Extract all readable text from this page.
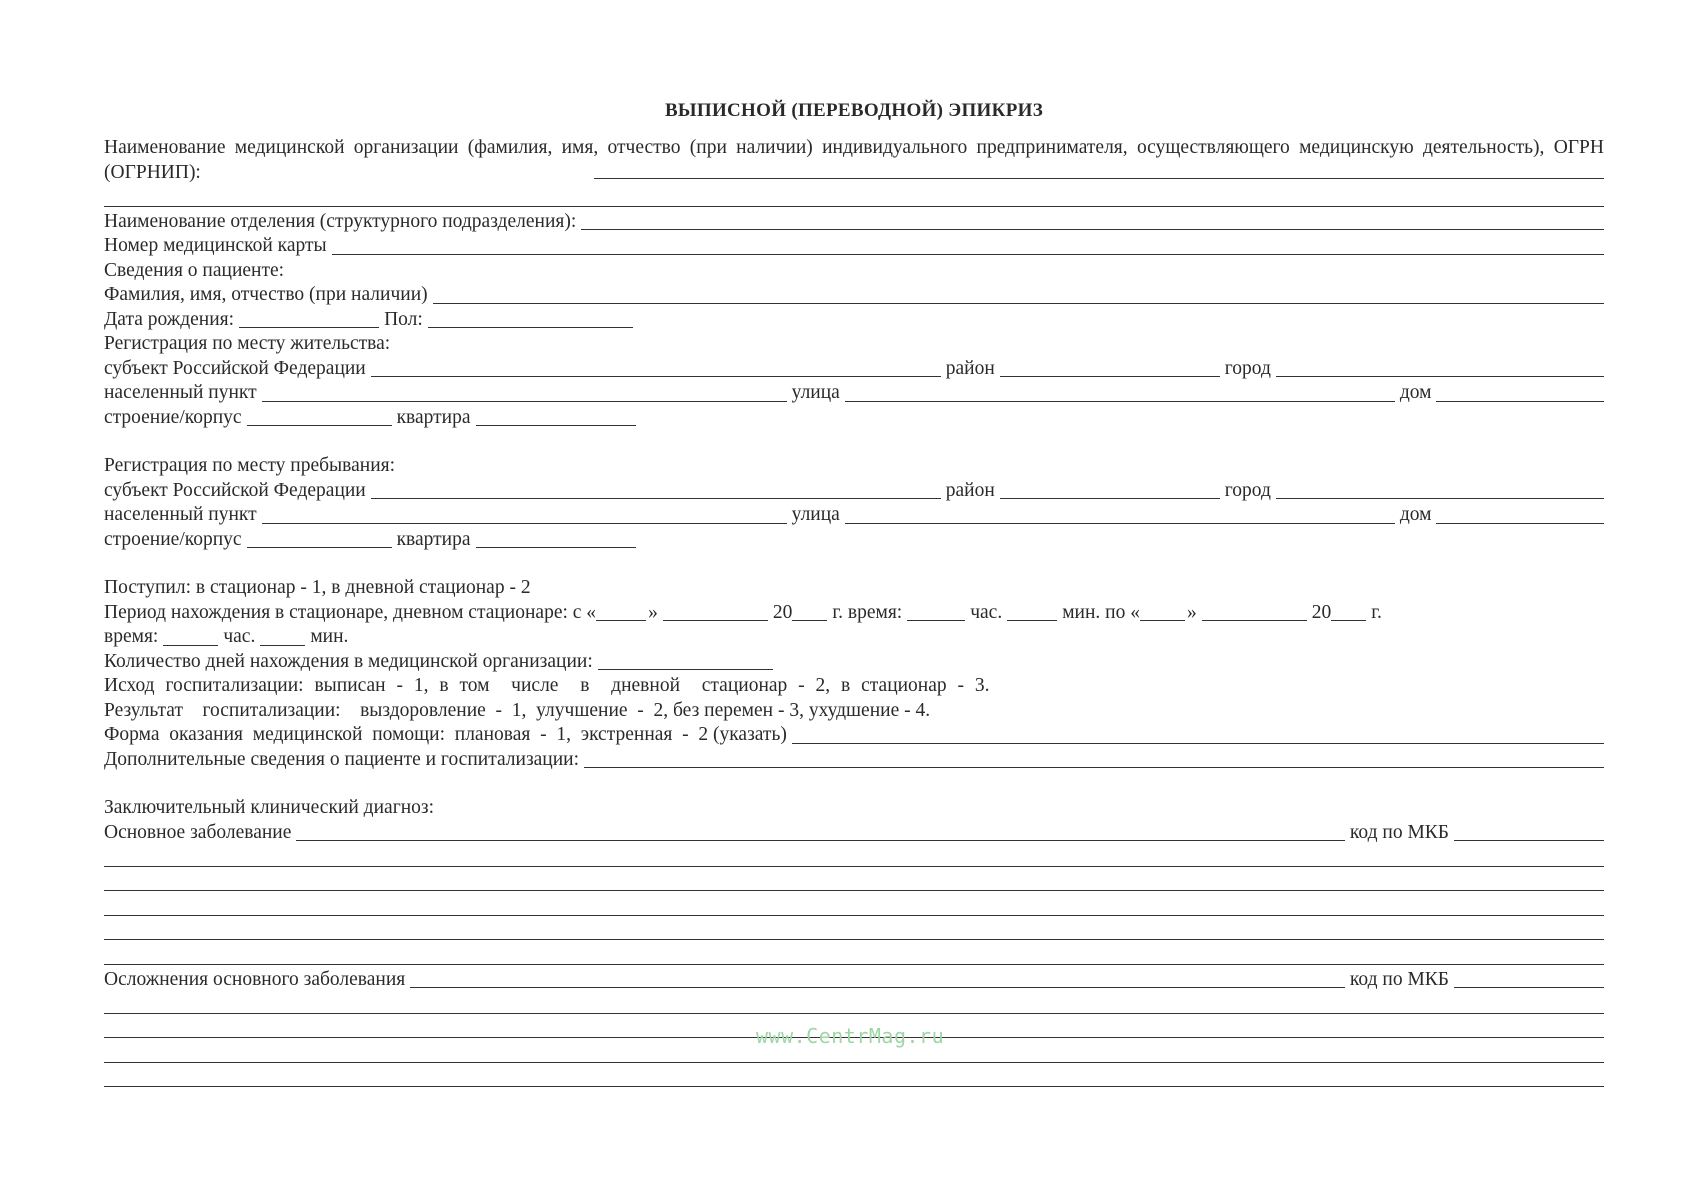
ВЫПИСНОЙ (ПЕРЕВОДНОЙ) ЭПИКРИЗ
Наименование медицинской организации (фамилия, имя, отчество (при наличии) индивидуального предпринимателя, осуществляющего медицинскую деятельность), ОГРН (ОГРНИП):
Наименование отделения (структурного подразделения):
Номер медицинской карты
Сведения о пациенте:
Фамилия, имя, отчество (при наличии)
Дата рождения:	Пол:
Регистрация по месту жительства:
субъект Российской Федерации	район	город
населенный пункт	улица	дом
строение/корпус	квартира
Регистрация по месту пребывания:
субъект Российской Федерации	район	город
населенный пункт	улица	дом
строение/корпус	квартира
Поступил: в стационар - 1, в дневной стационар - 2
Период нахождения в стационаре, дневном стационаре: с «	»	20 г. время:	час.	мин. по « »	20 г.
время:	час.	мин.
Количество дней нахождения в медицинской организации:
Исход госпитализации: выписан - 1, в том  числе  в  дневной  стационар - 2, в стационар - 3.
Результат    госпитализации:    выздоровление  -  1,  улучшение  -  2, без перемен - 3, ухудшение - 4.
Форма  оказания  медицинской  помощи:  плановая  -  1,  экстренная  -  2 (указать)
Дополнительные сведения о пациенте и госпитализации:
Заключительный клинический диагноз:
Основное заболевание	код по МКБ
Осложнения основного заболевания	код по МКБ
www.CentrMag.ru
